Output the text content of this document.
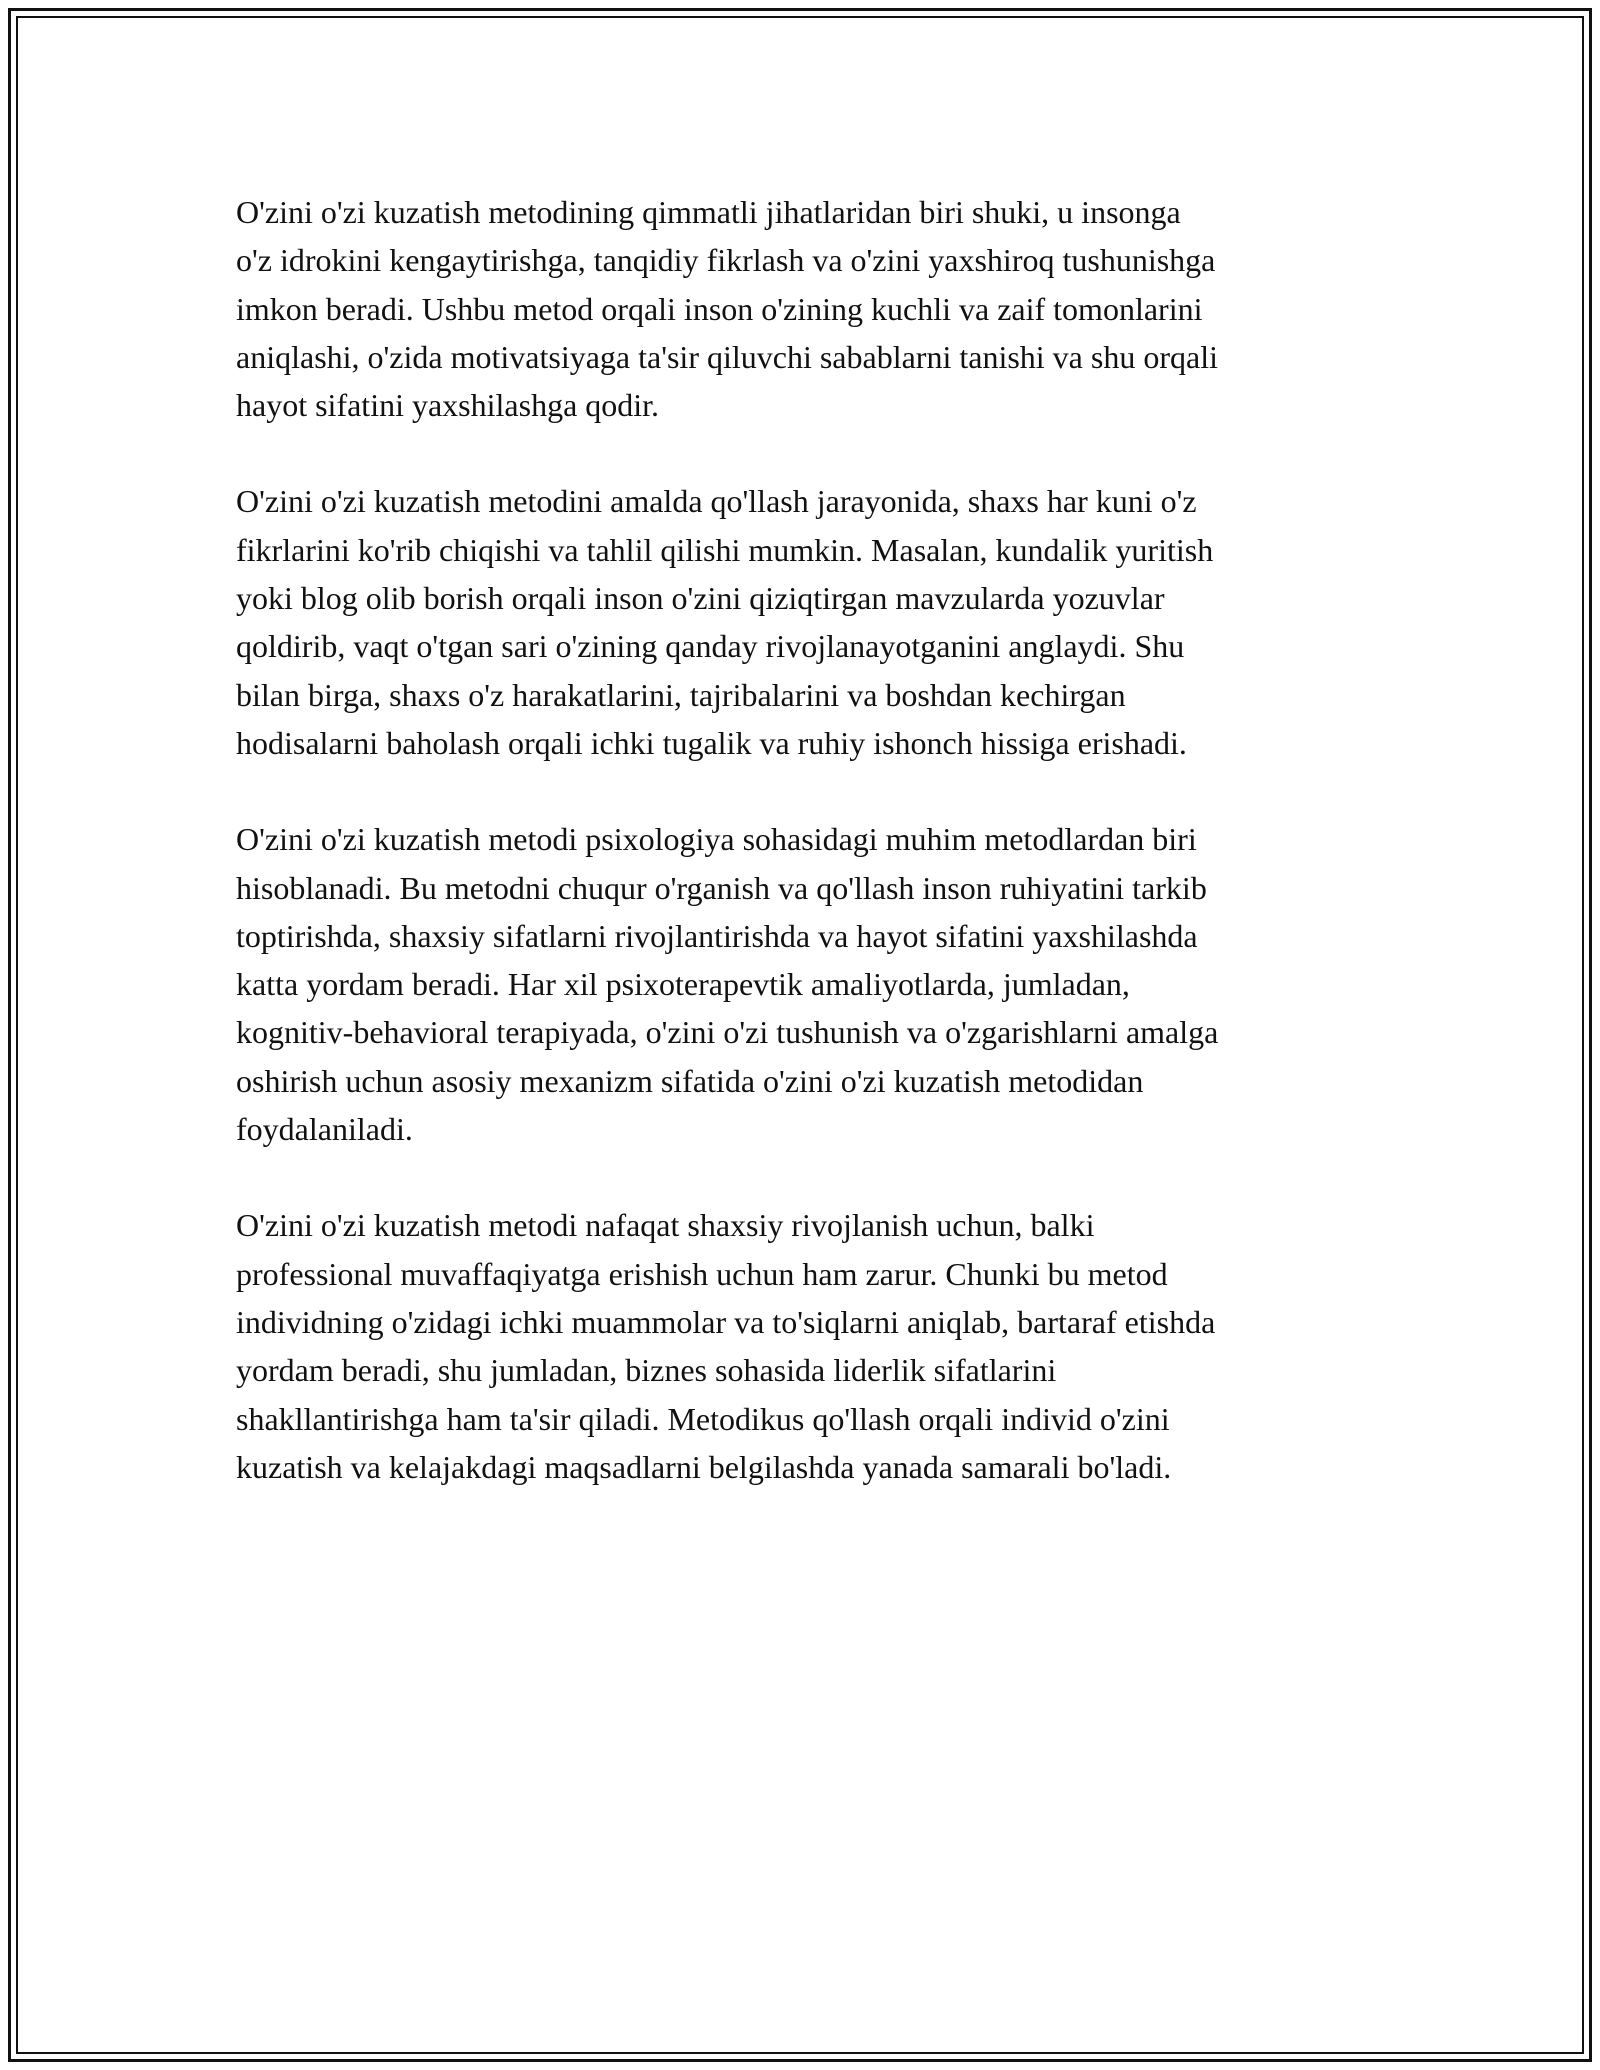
O'zini o'zi kuzatish metodining qimmatli jihatlaridan biri shuki, u insonga
o'z idrokini kengaytirishga, tanqidiy fikrlash va o'zini yaxshiroq tushunishga
imkon beradi. Ushbu metod orqali inson o'zining kuchli va zaif tomonlarini
aniqlashi, o'zida motivatsiyaga ta'sir qiluvchi sabablarni tanishi va shu orqali
hayot sifatini yaxshilashga qodir.

O'zini o'zi kuzatish metodini amalda qo'llash jarayonida, shaxs har kuni o'z
fikrlarini ko'rib chiqishi va tahlil qilishi mumkin. Masalan, kundalik yuritish
yoki blog olib borish orqali inson o'zini qiziqtirgan mavzularda yozuvlar
qoldirib, vaqt o'tgan sari o'zining qanday rivojlanayotganini anglaydi. Shu
bilan birga, shaxs o'z harakatlarini, tajribalarini va boshdan kechirgan
hodisalarni baholash orqali ichki tugalik va ruhiy ishonch hissiga erishadi.

O'zini o'zi kuzatish metodi psixologiya sohasidagi muhim metodlardan biri
hisoblanadi. Bu metodni chuqur o'rganish va qo'llash inson ruhiyatini tarkib
toptirishda, shaxsiy sifatlarni rivojlantirishda va hayot sifatini yaxshilashda
katta yordam beradi. Har xil psixoterapevtik amaliyotlarda, jumladan,
kognitiv-behavioral terapiyada, o'zini o'zi tushunish va o'zgarishlarni amalga
oshirish uchun asosiy mexanizm sifatida o'zini o'zi kuzatish metodidan
foydalaniladi.

O'zini o'zi kuzatish metodi nafaqat shaxsiy rivojlanish uchun, balki
professional muvaffaqiyatga erishish uchun ham zarur. Chunki bu metod
individning o'zidagi ichki muammolar va to'siqlarni aniqlab, bartaraf etishda
yordam beradi, shu jumladan, biznes sohasida liderlik sifatlarini
shakllantirishga ham ta'sir qiladi. Metodikus qo'llash orqali individ o'zini
kuzatish va kelajakdagi maqsadlarni belgilashda yanada samarali bo'ladi.
